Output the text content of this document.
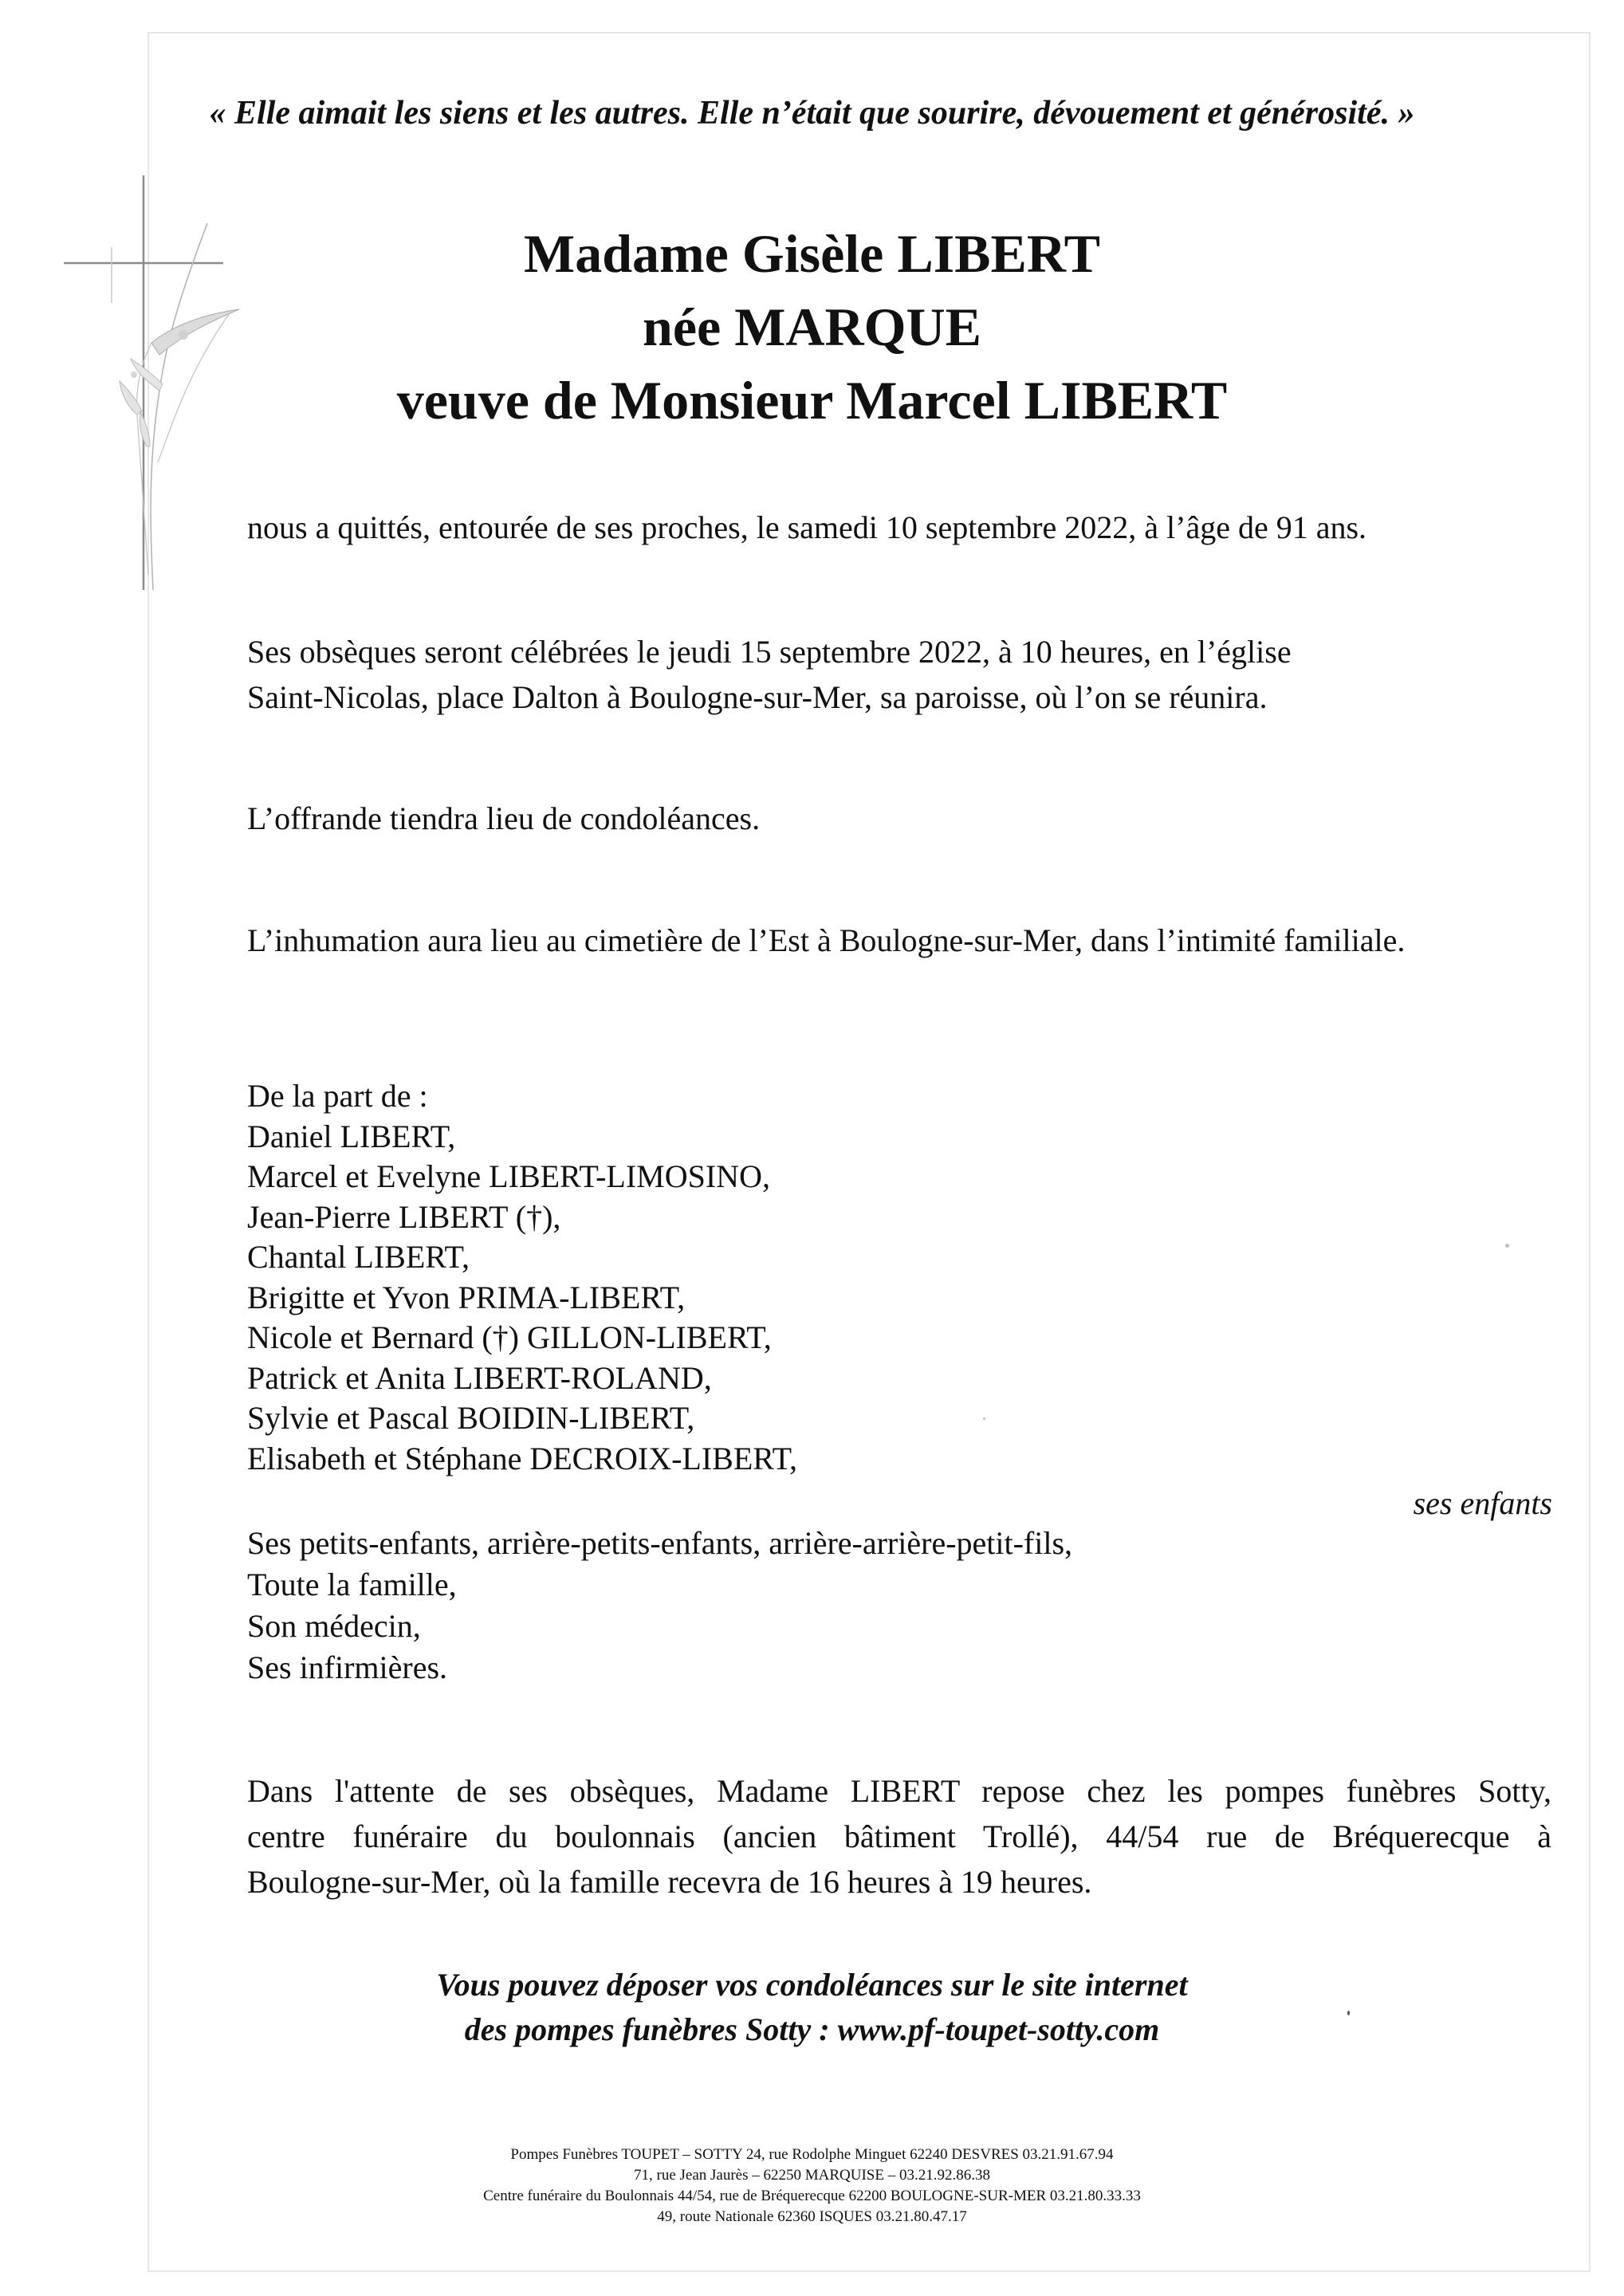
« Elle aimait les siens et les autres. Elle n’était que sourire, dévouement et générosité. »
Madame Gisèle LIBERT
née MARQUE
veuve de Monsieur Marcel LIBERT
nous a quittés, entourée de ses proches, le samedi 10 septembre 2022, à l’âge de 91 ans.
Ses obsèques seront célébrées le jeudi 15 septembre 2022, à 10 heures, en l’église
Saint-Nicolas, place Dalton à Boulogne-sur-Mer, sa paroisse, où l’on se réunira.
L’offrande tiendra lieu de condoléances.
L’inhumation aura lieu au cimetière de l’Est à Boulogne-sur-Mer, dans l’intimité familiale.
De la part de :
Daniel LIBERT,
Marcel et Evelyne LIBERT-LIMOSINO,
Jean-Pierre LIBERT (†),
Chantal LIBERT,
Brigitte et Yvon PRIMA-LIBERT,
Nicole et Bernard (†) GILLON-LIBERT,
Patrick et Anita LIBERT-ROLAND,
Sylvie et Pascal BOIDIN-LIBERT,
Elisabeth et Stéphane DECROIX-LIBERT,
ses enfants
Ses petits-enfants, arrière-petits-enfants, arrière-arrière-petit-fils,
Toute la famille,
Son médecin,
Ses infirmières.
Dans l'attente de ses obsèques, Madame LIBERT repose chez les pompes funèbres Sotty,
centre funéraire du boulonnais (ancien bâtiment Trollé), 44/54 rue de Bréquerecque à
Boulogne-sur-Mer, où la famille recevra de 16 heures à 19 heures.
Vous pouvez déposer vos condoléances sur le site internet
des pompes funèbres Sotty : www.pf-toupet-sotty.com
Pompes Funèbres TOUPET – SOTTY 24, rue Rodolphe Minguet 62240 DESVRES 03.21.91.67.94
71, rue Jean Jaurès – 62250 MARQUISE – 03.21.92.86.38
Centre funéraire du Boulonnais 44/54, rue de Bréquerecque 62200 BOULOGNE-SUR-MER 03.21.80.33.33
49, route Nationale 62360 ISQUES 03.21.80.47.17
